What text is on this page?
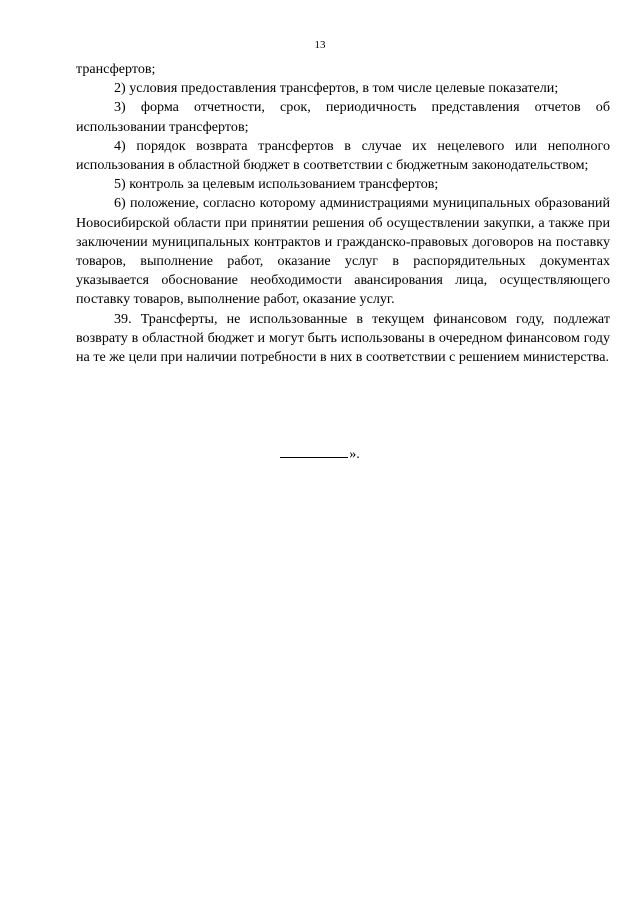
13

трансфертов;

2) условия предоставления трансфертов, в том числе целевые показатели;

3) форма отчетности, срок, периодичность представления отчетов об использовании трансфертов;

4) порядок возврата трансфертов в случае их нецелевого или неполного использования в областной бюджет в соответствии с бюджетным законодательством;

5) контроль за целевым использованием трансфертов;

6) положение, согласно которому администрациями муниципальных образований Новосибирской области при принятии решения об осуществлении закупки, а также при заключении муниципальных контрактов и гражданско-правовых договоров на поставку товаров, выполнение работ, оказание услуг в распорядительных документах указывается обоснование необходимости авансирования лица, осуществляющего поставку товаров, выполнение работ, оказание услуг.

39. Трансферты, не использованные в текущем финансовом году, подлежат возврату в областной бюджет и могут быть использованы в очередном финансовом году на те же цели при наличии потребности в них в соответствии с решением министерства.

».
